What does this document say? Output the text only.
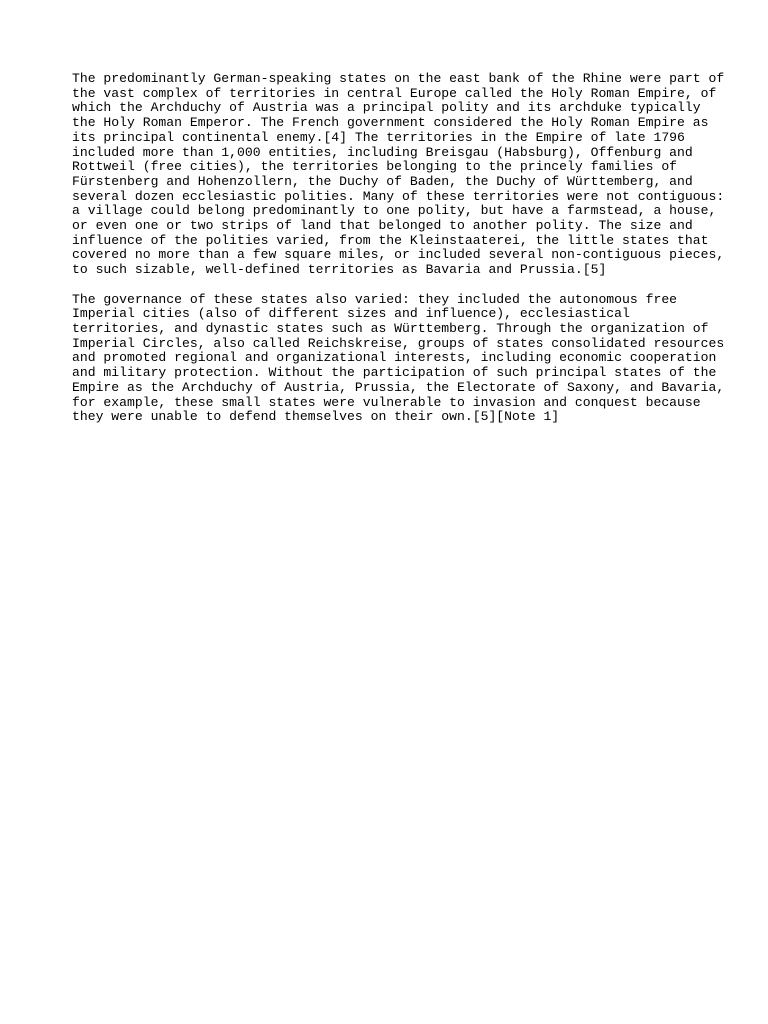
The predominantly German-speaking states on the east bank of the Rhine were part of
the vast complex of territories in central Europe called the Holy Roman Empire, of
which the Archduchy of Austria was a principal polity and its archduke typically
the Holy Roman Emperor. The French government considered the Holy Roman Empire as
its principal continental enemy.[4] The territories in the Empire of late 1796
included more than 1,000 entities, including Breisgau (Habsburg), Offenburg and
Rottweil (free cities), the territories belonging to the princely families of
Fürstenberg and Hohenzollern, the Duchy of Baden, the Duchy of Württemberg, and
several dozen ecclesiastic polities. Many of these territories were not contiguous:
a village could belong predominantly to one polity, but have a farmstead, a house,
or even one or two strips of land that belonged to another polity. The size and
influence of the polities varied, from the Kleinstaaterei, the little states that
covered no more than a few square miles, or included several non-contiguous pieces,
to such sizable, well-defined territories as Bavaria and Prussia.[5]

The governance of these states also varied: they included the autonomous free
Imperial cities (also of different sizes and influence), ecclesiastical
territories, and dynastic states such as Württemberg. Through the organization of
Imperial Circles, also called Reichskreise, groups of states consolidated resources
and promoted regional and organizational interests, including economic cooperation
and military protection. Without the participation of such principal states of the
Empire as the Archduchy of Austria, Prussia, the Electorate of Saxony, and Bavaria,
for example, these small states were vulnerable to invasion and conquest because
they were unable to defend themselves on their own.[5][Note 1]
